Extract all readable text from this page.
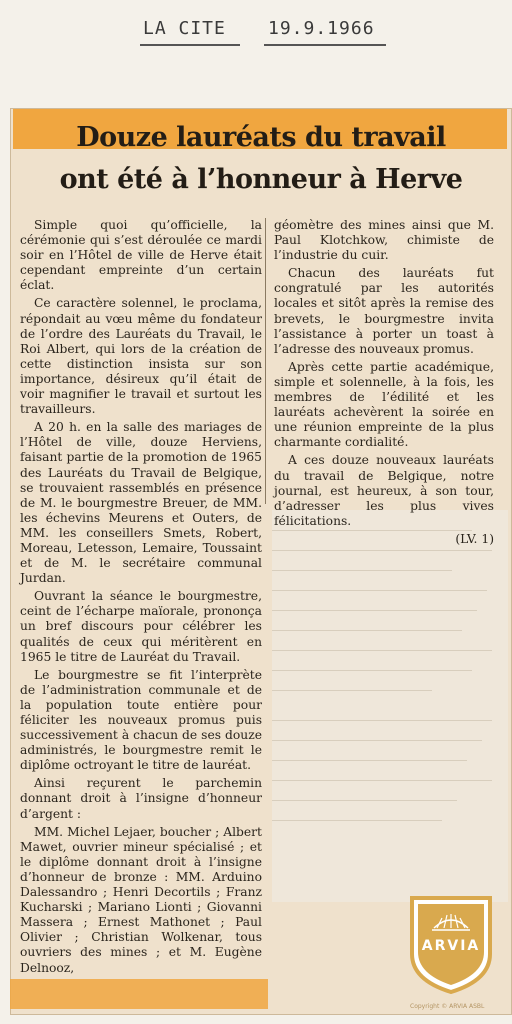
LA CITE 19.9.1966
Douze lauréats du travail
ont été à l’honneur à Herve

Simple quoi qu’officielle, la cérémonie qui s’est déroulée ce mardi soir en l’Hôtel de ville de Herve était cependant empreinte d’un certain éclat.

Ce caractère solennel, le proclama, répondait au vœu même du fondateur de l’ordre des Lauréats du Travail, le Roi Albert, qui lors de la création de cette distinction insista sur son importance, désireux qu’il était de voir magnifier le travail et surtout les travailleurs.

A 20 h. en la salle des mariages de l’Hôtel de ville, douze Herviens, faisant partie de la promotion de 1965 des Lauréats du Travail de Belgique, se trouvaient rassemblés en présence de M. le bourgmestre Breuer, de MM. les échevins Meurens et Outers, de MM. les conseillers Smets, Robert, Moreau, Letesson, Lemaire, Toussaint et de M. le secrétaire communal Jurdan.

Ouvrant la séance le bourgmestre, ceint de l’écharpe maïorale, prononça un bref discours pour célébrer les qualités de ceux qui méritèrent en 1965 le titre de Lauréat du Travail.

Le bourgmestre se fit l’interprète de l’administration communale et de la population toute entière pour féliciter les nouveaux promus puis successivement à chacun de ses douze administrés, le bourgmestre remit le diplôme octroyant le titre de lauréat.

Ainsi reçurent le parchemin donnant droit à l’insigne d’honneur d’argent :

MM. Michel Lejaer, boucher ; Albert Mawet, ouvrier mineur spécialisé ; et le diplôme donnant droit à l’insigne d’honneur de bronze : MM. Arduino Dalessandro ; Henri Decortils ; Franz Kucharski ; Mariano Lionti ; Giovanni Massera ; Ernest Mathonet ; Paul Olivier ; Christian Wolkenar, tous ouvriers des mines ; et M. Eugène Delnooz,

géomètre des mines ainsi que M. Paul Klotchkow, chimiste de l’industrie du cuir.

Chacun des lauréats fut congratulé par les autorités locales et sitôt après la remise des brevets, le bourgmestre invita l’assistance à porter un toast à l’adresse des nouveaux promus.

Après cette partie académique, simple et solennelle, à la fois, les membres de l’édilité et les lauréats achevèrent la soirée en une réunion empreinte de la plus charmante cordialité.

A ces douze nouveaux lauréats du travail de Belgique, notre journal, est heureux, à son tour, d’adresser les plus vives félicitations.

(LV. 1)

ARVIA
Copyright © ARVIA ASBL
